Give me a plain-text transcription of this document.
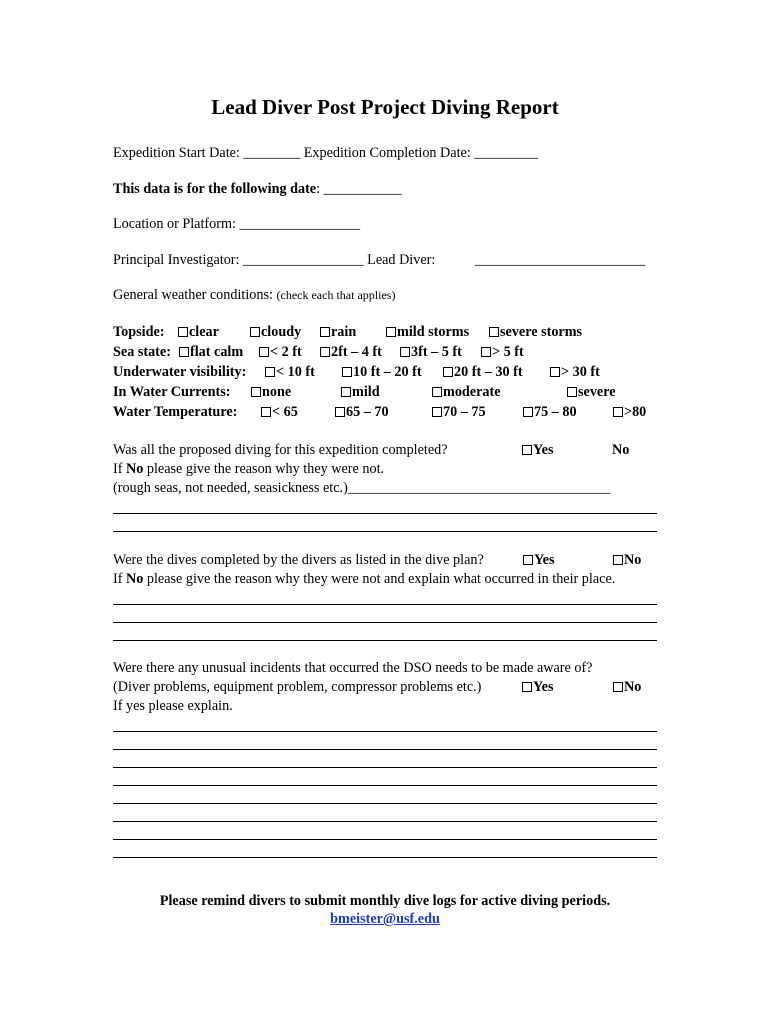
Lead Diver Post Project Diving Report
Expedition Start Date: ________ Expedition Completion Date: _________
This data is for the following date: ___________
Location or Platform: _________________
Principal Investigator: _________________ Lead Diver:	________________________
General weather conditions: (check each that applies)
Topside:	clear	cloudy	rain	mild storms	severe storms
Sea state:	flat calm	< 2 ft	2ft – 4 ft	3ft – 5 ft	> 5 ft
Underwater visibility:	< 10 ft	10 ft – 20 ft	20 ft – 30 ft	> 30 ft
In Water Currents:	none	mild	moderate	severe
Water Temperature:	< 65	65 – 70	70 – 75	75 – 80	>80
Was all the proposed diving for this expedition completed?	Yes	No
If No please give the reason why they were not.
(rough seas, not needed, seasickness etc.)_____________________________________
Were the dives completed by the divers as listed in the dive plan?	Yes	No
If No please give the reason why they were not and explain what occurred in their place.
Were there any unusual incidents that occurred the DSO needs to be made aware of?
(Diver problems, equipment problem, compressor problems etc.)	Yes	No
If yes please explain.
Please remind divers to submit monthly dive logs for active diving periods.
bmeister@usf.edu
